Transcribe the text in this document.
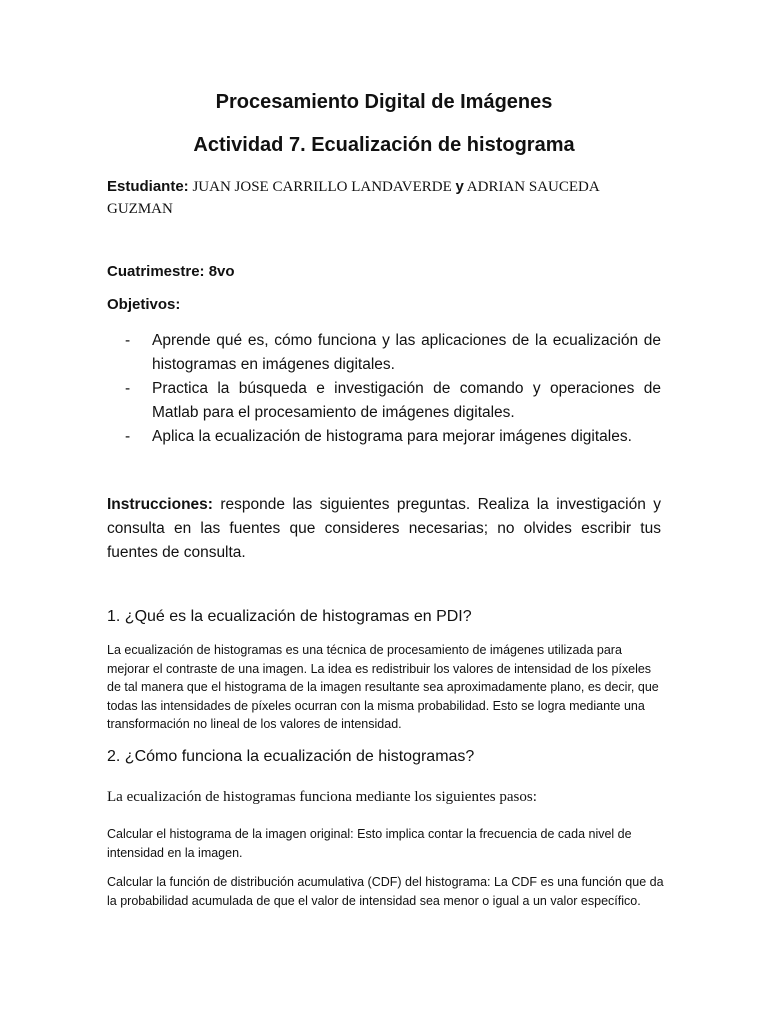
Procesamiento Digital de Imágenes
Actividad 7. Ecualización de histograma
Estudiante: JUAN JOSE CARRILLO LANDAVERDE y ADRIAN SAUCEDA GUZMAN
Cuatrimestre: 8vo
Objetivos:
- Aprende qué es, cómo funciona y las aplicaciones de la ecualización de histogramas en imágenes digitales.
- Practica la búsqueda e investigación de comando y operaciones de Matlab para el procesamiento de imágenes digitales.
- Aplica la ecualización de histograma para mejorar imágenes digitales.
Instrucciones: responde las siguientes preguntas. Realiza la investigación y consulta en las fuentes que consideres necesarias; no olvides escribir tus fuentes de consulta.
1. ¿Qué es la ecualización de histogramas en PDI?
La ecualización de histogramas es una técnica de procesamiento de imágenes utilizada para mejorar el contraste de una imagen. La idea es redistribuir los valores de intensidad de los píxeles de tal manera que el histograma de la imagen resultante sea aproximadamente plano, es decir, que todas las intensidades de píxeles ocurran con la misma probabilidad. Esto se logra mediante una transformación no lineal de los valores de intensidad.
2. ¿Cómo funciona la ecualización de histogramas?
La ecualización de histogramas funciona mediante los siguientes pasos:
Calcular el histograma de la imagen original: Esto implica contar la frecuencia de cada nivel de intensidad en la imagen.
Calcular la función de distribución acumulativa (CDF) del histograma: La CDF es una función que da la probabilidad acumulada de que el valor de intensidad sea menor o igual a un valor específico.
